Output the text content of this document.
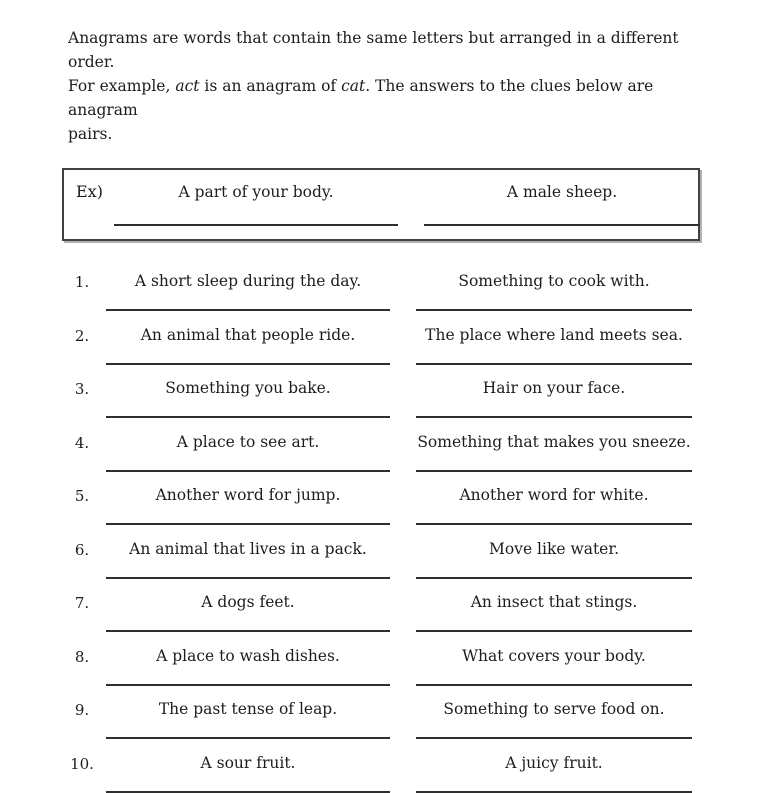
Anagrams are words that contain the same letters but arranged in a different order.
For example, act is an anagram of cat. The answers to the clues below are anagram
pairs.

Ex)	A part of your body.	A male sheep.
1.	A short sleep during the day.	Something to cook with.
2.	An animal that people ride.	The place where land meets sea.
3.	Something you bake.	Hair on your face.
4.	A place to see art.	Something that makes you sneeze.
5.	Another word for jump.	Another word for white.
6.	An animal that lives in a pack.	Move like water.
7.	A dogs feet.	An insect that stings.
8.	A place to wash dishes.	What covers your body.
9.	The past tense of leap.	Something to serve food on.
10.	A sour fruit.	A juicy fruit.
